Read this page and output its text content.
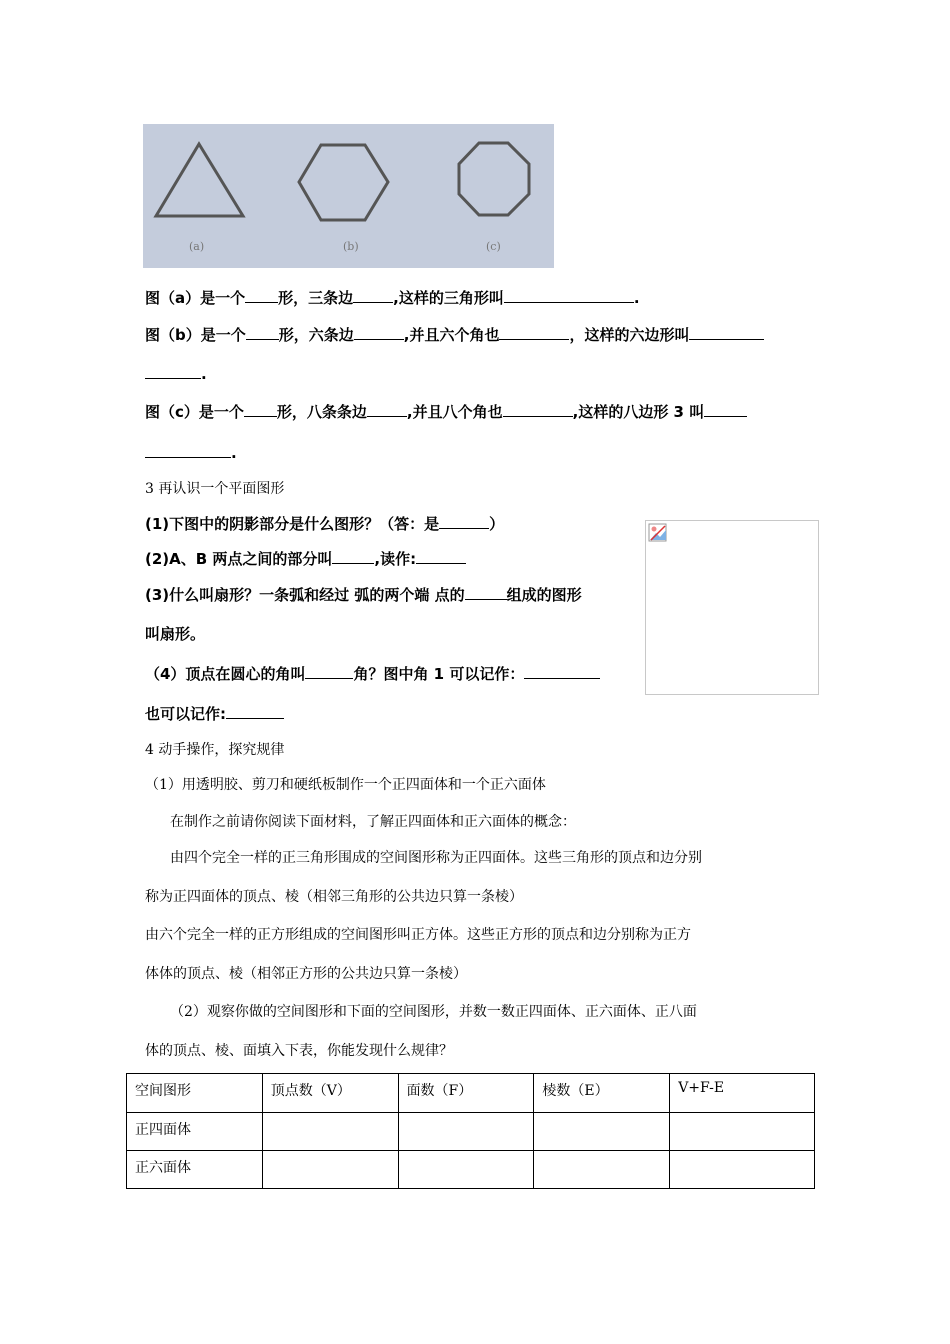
(a)	(b)	(c)
图（a）是一个 形，三条边	,这样的三角形叫	.
图（b）是一个 形，六条边	,并且六个角也	，这样的六边形叫
.
图（c）是一个 形，八条条边	,并且八个角也	,这样的八边形 3 叫
.
3 再认识一个平面图形
(1)下图中的阴影部分是什么图形？（答：是	）
(2)A、B 两点之间的部分叫	,读作:
(3)什么叫扇形？一条弧和经过 弧的两个端 点的	组成的图形
叫扇形。
（4）顶点在圆心的角叫	角？图中角 1 可以记作：
也可以记作:
4 动手操作，探究规律
（1）用透明胶、剪刀和硬纸板制作一个正四面体和一个正六面体
在制作之前请你阅读下面材料，了解正四面体和正六面体的概念：
由四个完全一样的正三角形围成的空间图形称为正四面体。这些三角形的顶点和边分别
称为正四面体的顶点、棱（相邻三角形的公共边只算一条棱）
由六个完全一样的正方形组成的空间图形叫正方体。这些正方形的顶点和边分别称为正方
体体的顶点、棱（相邻正方形的公共边只算一条棱）
（2）观察你做的空间图形和下面的空间图形，并数一数正四面体、正六面体、正八面
体的顶点、棱、面填入下表，你能发现什么规律？
空间图形	顶点数（V）	面数（F）	棱数（E）	V+F-E
正四面体				
正六面体				
